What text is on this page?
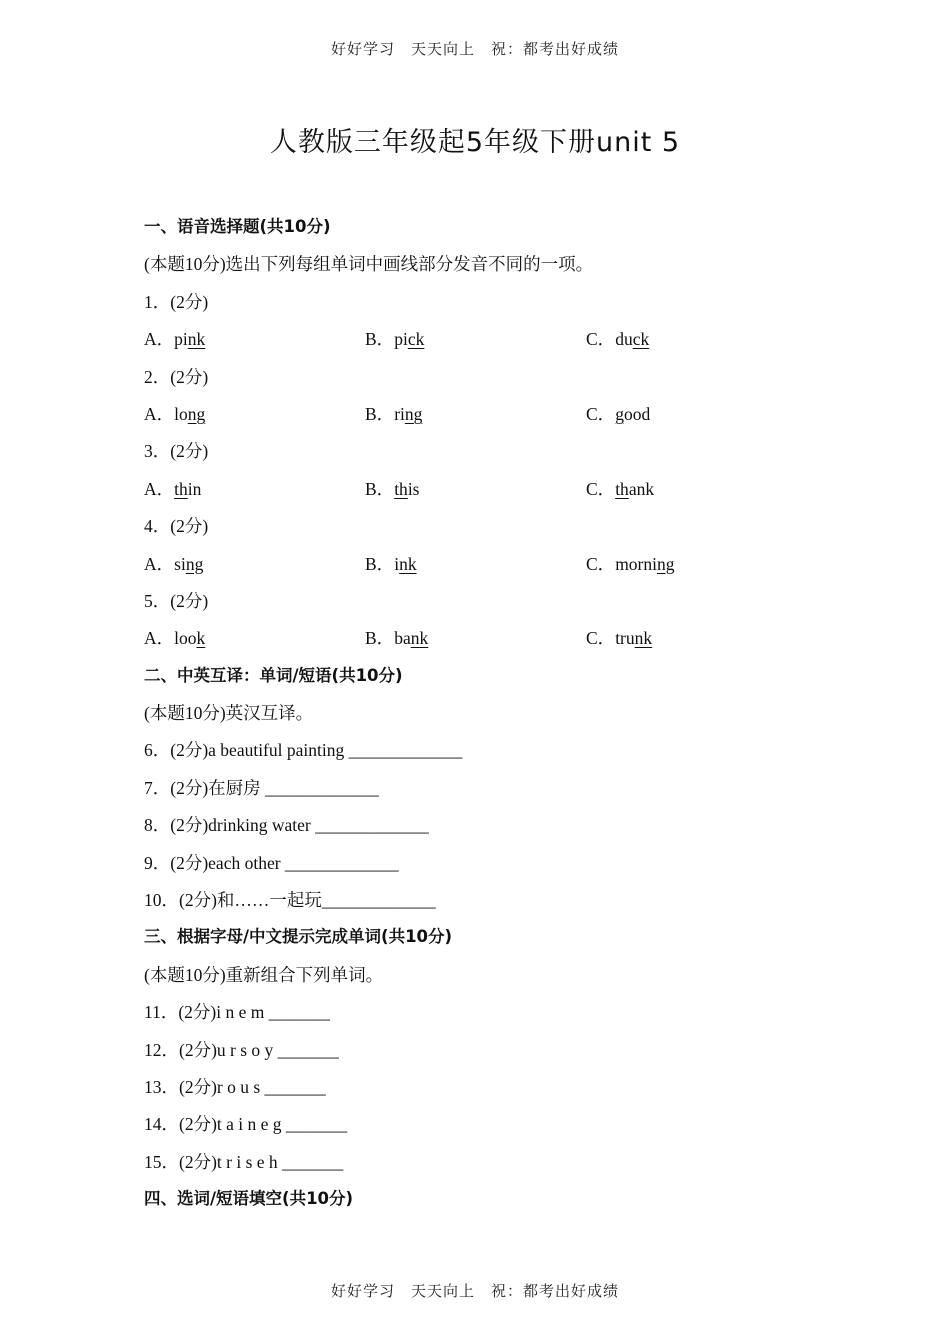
好好学习　天天向上　祝：都考出好成绩
人教版三年级起5年级下册unit 5
一、语音选择题(共10分)
(本题10分)选出下列每组单词中画线部分发音不同的一项。
1．(2分)
A．pink	B．pick	C．duck
2．(2分)
A．long	B．ring	C．good
3．(2分)
A．thin	B．this	C．thank
4．(2分)
A．sing	B．ink	C．morning
5．(2分)
A．look	B．bank	C．trunk
二、中英互译：单词/短语(共10分)
(本题10分)英汉互译。
6．(2分)a beautiful painting _____________
7．(2分)在厨房 _____________
8．(2分)drinking water _____________
9．(2分)each other _____________
10．(2分)和……一起玩_____________
三、根据字母/中文提示完成单词(共10分)
(本题10分)重新组合下列单词。
11．(2分)i n e m _______
12．(2分)u r s o y _______
13．(2分)r o u s _______
14．(2分)t a i n e g _______
15．(2分)t r i s e h _______
四、选词/短语填空(共10分)
好好学习　天天向上　祝：都考出好成绩
